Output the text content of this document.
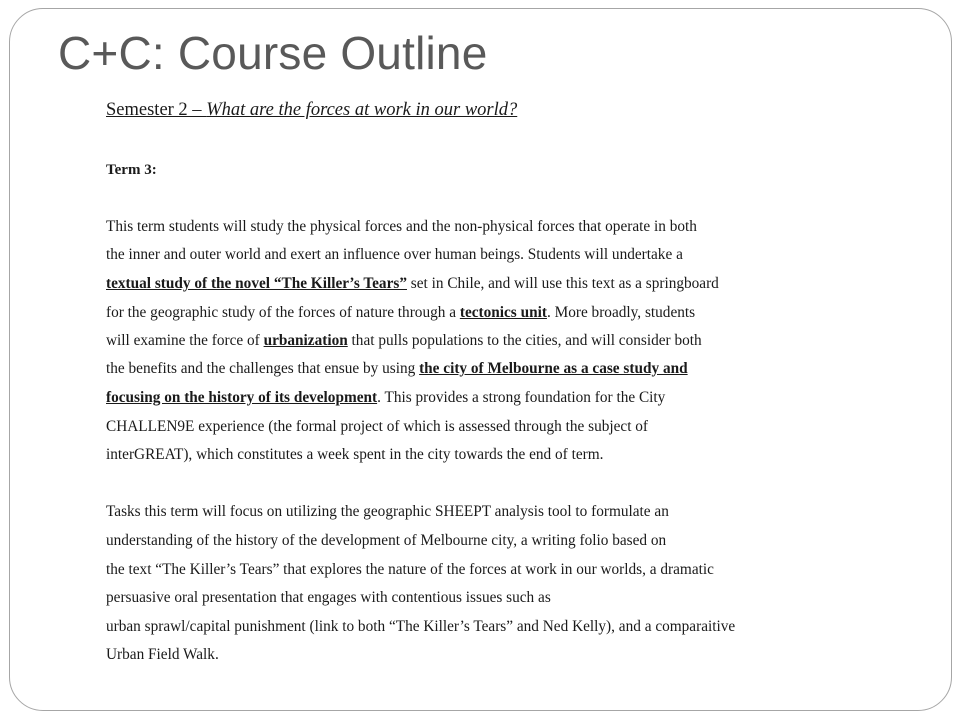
C+C: Course Outline
Semester 2 – What are the forces at work in our world?
Term 3:
This term students will study the physical forces and the non-physical forces that operate in both
the inner and outer world and exert an influence over human beings. Students will undertake a
textual study of the novel “The Killer’s Tears” set in Chile, and will use this text as a springboard
for the geographic study of the forces of nature through a tectonics unit. More broadly, students
will examine the force of urbanization that pulls populations to the cities, and will consider both
the benefits and the challenges that ensue by using the city of Melbourne as a case study and
focusing on the history of its development. This provides a strong foundation for the City
CHALLEN9E experience (the formal project of which is assessed through the subject of
interGREAT), which constitutes a week spent in the city towards the end of term.
Tasks this term will focus on utilizing the geographic SHEEPT analysis tool to formulate an
understanding of the history of the development of Melbourne city, a writing folio based on
the text “The Killer’s Tears” that explores the nature of the forces at work in our worlds, a dramatic
persuasive oral presentation that engages with contentious issues such as
urban sprawl/capital punishment (link to both “The Killer’s Tears” and Ned Kelly), and a comparaitive
Urban Field Walk.
